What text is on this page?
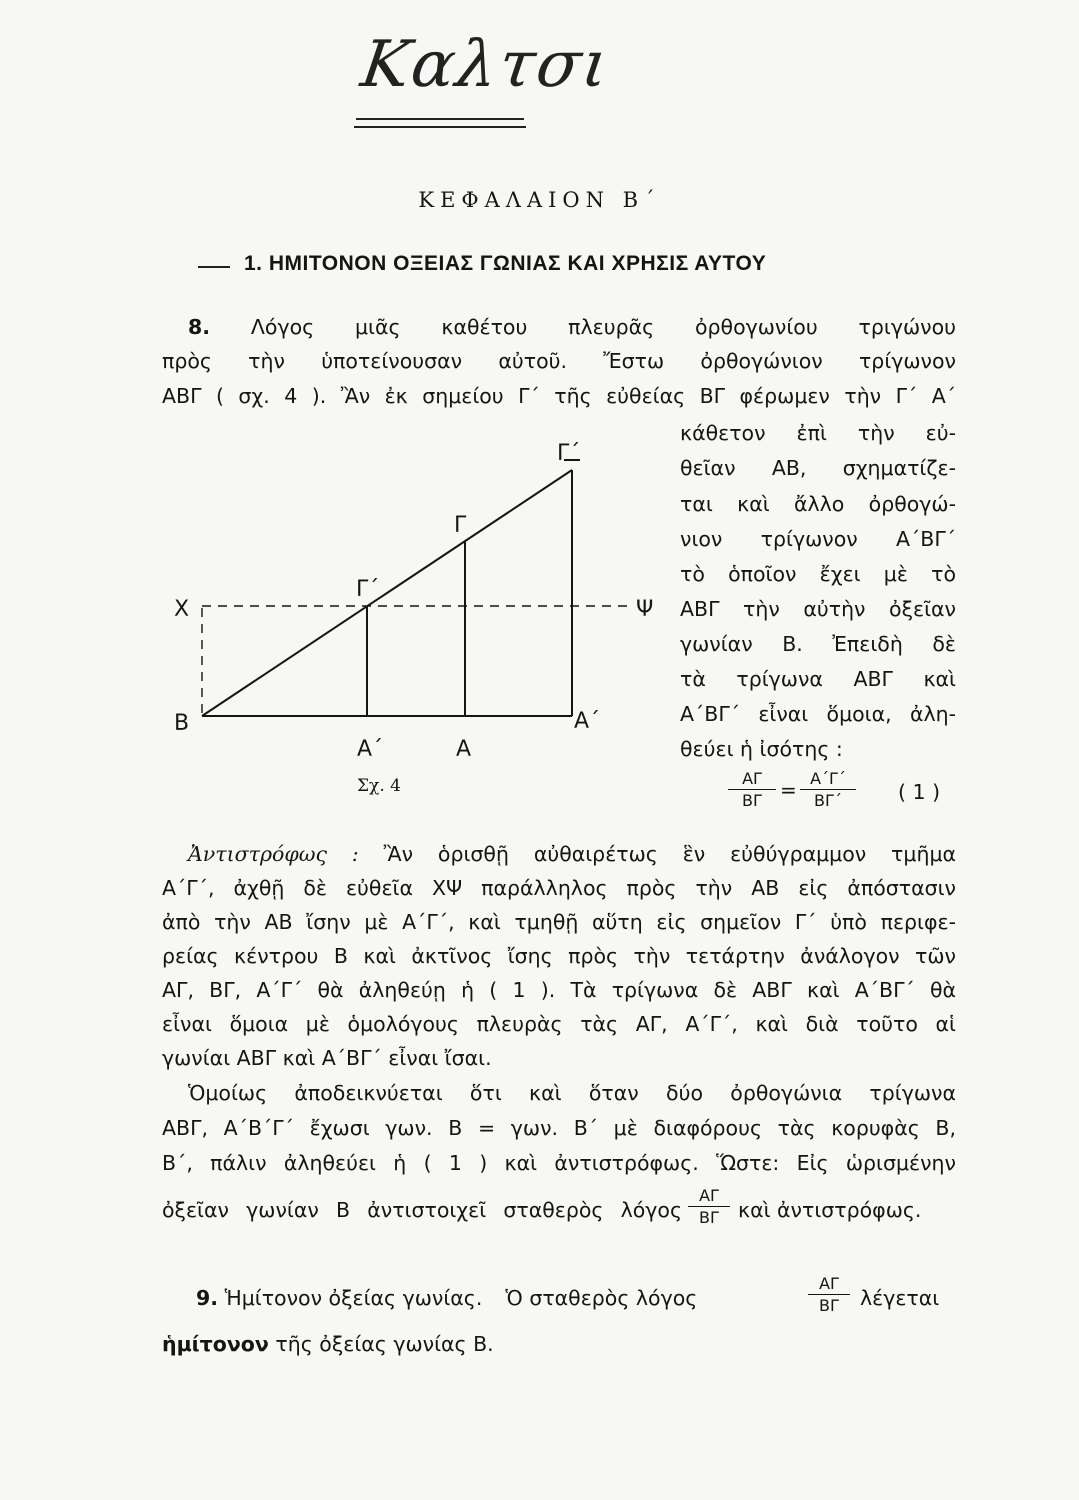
Καλτσι
ΚΕΦΑΛΑΙΟΝ Β΄
1. ΗΜΙΤΟΝΟΝ ΟΞΕΙΑΣ ΓΩΝΙΑΣ ΚΑΙ ΧΡΗΣΙΣ ΑΥΤΟΥ
8. Λόγος μιᾶς καθέτου πλευρᾶς ὀρθογωνίου τριγώνου
πρὸς τὴν ὑποτείνουσαν αὐτοῦ. Ἔστω ὀρθογώνιον τρίγωνον
ΑΒΓ ( σχ. 4 ). Ἂν ἐκ σημείου Γ΄ τῆς εὐθείας ΒΓ φέρωμεν τὴν Γ΄ Α΄
κάθετον ἐπὶ τὴν εὐ-
θεῖαν ΑΒ, σχηματίζε-
ται καὶ ἄλλο ὀρθογώ-
νιον τρίγωνον Α΄ΒΓ΄
τὸ ὁποῖον ἔχει μὲ τὸ
ΑΒΓ τὴν αὐτὴν ὀξεῖαν
γωνίαν Β. Ἐπειδὴ δὲ
τὰ τρίγωνα ΑΒΓ καὶ
Α΄ΒΓ΄ εἶναι ὅμοια, ἀλη-
θεύει ἡ ἰσότης :
ΑΓ
ΒΓ = Α΄Γ΄
ΒΓ΄	( 1 )
Β
Χ	Ψ
Α΄	Α
Α΄
Γ΄
Γ
Γ΄
Σχ. 4
Ἀντιστρόφως : Ἂν ὁρισθῇ αὐθαιρέτως ἓν εὐθύγραμμον τμῆμα
Α΄Γ΄, ἀχθῇ δὲ εὐθεῖα ΧΨ παράλληλος πρὸς τὴν ΑΒ εἰς ἀπόστασιν
ἀπὸ τὴν ΑΒ ἴσην μὲ Α΄Γ΄, καὶ τμηθῇ αὕτη εἰς σημεῖον Γ΄ ὑπὸ περιφε-
ρείας κέντρου Β καὶ ἀκτῖνος ἴσης πρὸς τὴν τετάρτην ἀνάλογον τῶν
ΑΓ, ΒΓ, Α΄Γ΄ θὰ ἀληθεύῃ ἡ ( 1 ). Τὰ τρίγωνα δὲ ΑΒΓ καὶ Α΄ΒΓ΄ θὰ
εἶναι ὅμοια μὲ ὁμολόγους πλευρὰς τὰς ΑΓ, Α΄Γ΄, καὶ διὰ τοῦτο αἱ
γωνίαι ΑΒΓ καὶ Α΄ΒΓ΄ εἶναι ἴσαι.
Ὁμοίως ἀποδεικνύεται ὅτι καὶ ὅταν δύο ὀρθογώνια τρίγωνα
ΑΒΓ, Α΄Β΄Γ΄ ἔχωσι γων. Β = γων. Β΄ μὲ διαφόρους τὰς κορυφὰς Β,
Β΄, πάλιν ἀληθεύει ἡ ( 1 ) καὶ ἀντιστρόφως. Ὥστε: Εἰς ὡρισμένην
ὀξεῖαν γωνίαν Β ἀντιστοιχεῖ σταθερὸς λόγος
ΑΓ
ΒΓ καὶ ἀντιστρόφως.
9. Ἡμίτονον ὀξείας γωνίας. Ὁ σταθερὸς λόγος
ΑΓ
ΒΓ	λέγεται
ἡμίτονον τῆς ὀξείας γωνίας Β.
